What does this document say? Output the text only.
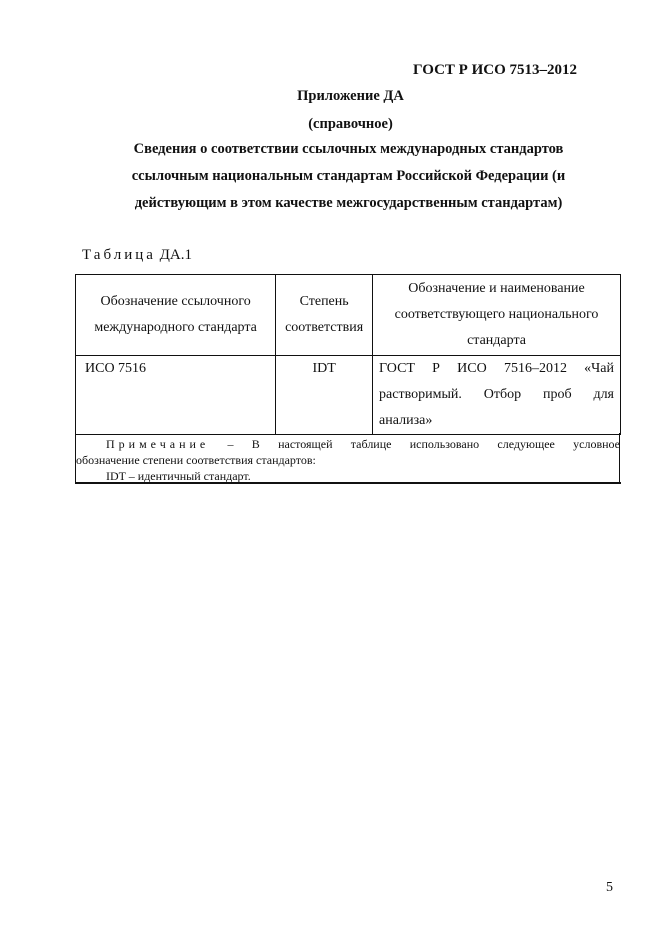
ГОСТ Р ИСО 7513–2012
Приложение ДА
(справочное)
Сведения о соответствии ссылочных международных стандартов
ссылочным национальным стандартам Российской Федерации (и
действующим в этом качестве межгосударственным стандартам)
Таблица ДА.1
Обозначение ссылочного международного стандарта	Степень соответствия	Обозначение и наименование соответствующего национального стандарта
ИСО 7516	IDT	ГОСТ Р ИСО 7516–2012 «Чай растворимый. Отбор проб для анализа»
Примечание – В настоящей таблице использовано следующее условное
обозначение степени соответствия стандартов:
IDT – идентичный стандарт.
5
